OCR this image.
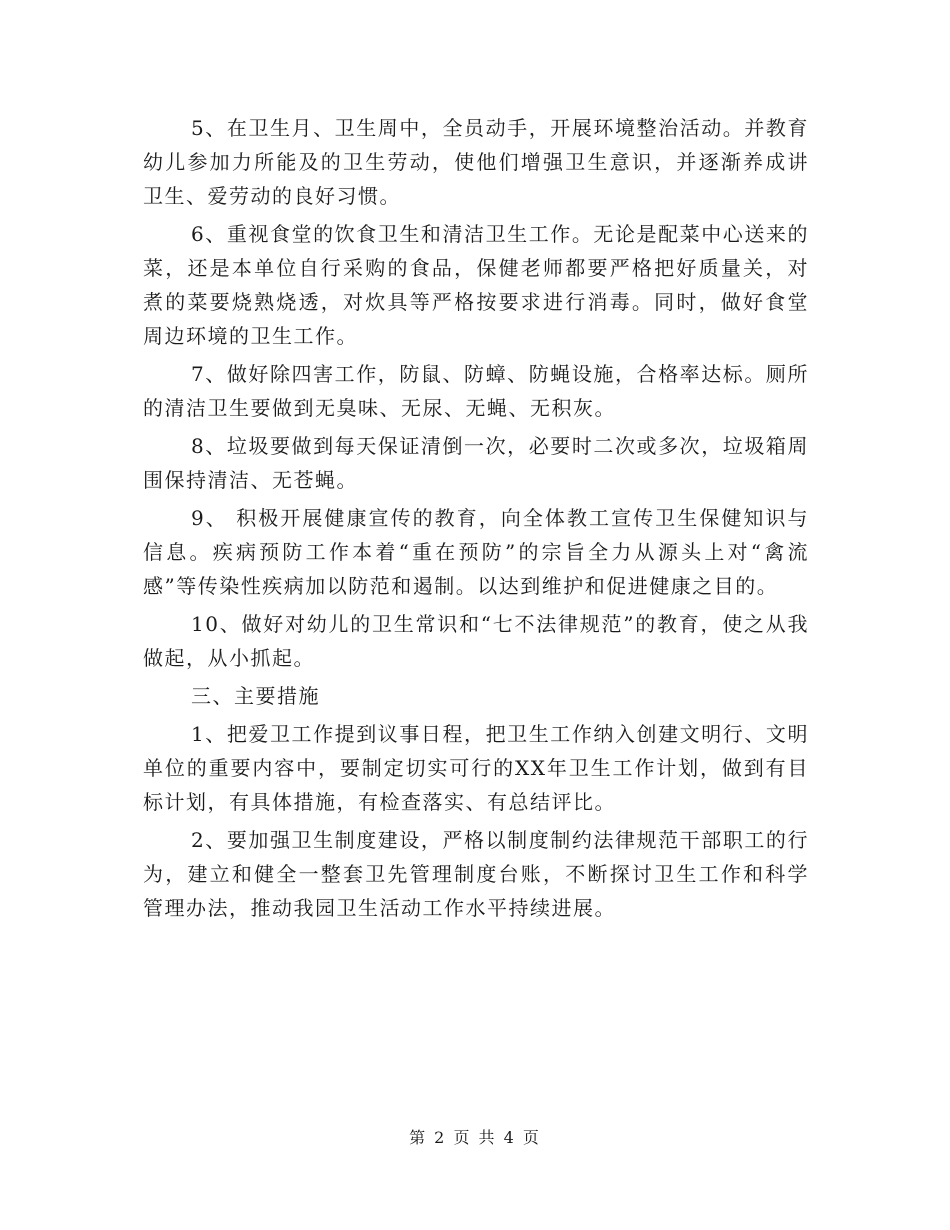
5、在卫生月、卫生周中，全员动手，开展环境整治活动。并教育幼儿参加力所能及的卫生劳动，使他们增强卫生意识，并逐渐养成讲卫生、爱劳动的良好习惯。

6、重视食堂的饮食卫生和清洁卫生工作。无论是配菜中心送来的菜，还是本单位自行采购的食品，保健老师都要严格把好质量关，对煮的菜要烧熟烧透，对炊具等严格按要求进行消毒。同时，做好食堂周边环境的卫生工作。

7、做好除四害工作，防鼠、防蟑、防蝇设施，合格率达标。厕所的清洁卫生要做到无臭味、无尿、无蝇、无积灰。

8、垃圾要做到每天保证清倒一次，必要时二次或多次，垃圾箱周围保持清洁、无苍蝇。

9、 积极开展健康宣传的教育，向全体教工宣传卫生保健知识与信息。疾病预防工作本着“重在预防”的宗旨全力从源头上对“禽流感”等传染性疾病加以防范和遏制。以达到维护和促进健康之目的。

10、做好对幼儿的卫生常识和“七不法律规范”的教育，使之从我做起，从小抓起。

三、主要措施

1、把爱卫工作提到议事日程，把卫生工作纳入创建文明行、文明单位的重要内容中，要制定切实可行的XX年卫生工作计划，做到有目标计划，有具体措施，有检查落实、有总结评比。

2、要加强卫生制度建设，严格以制度制约法律规范干部职工的行为，建立和健全一整套卫先管理制度台账，不断探讨卫生工作和科学管理办法，推动我园卫生活动工作水平持续进展。

第 2 页 共 4 页
